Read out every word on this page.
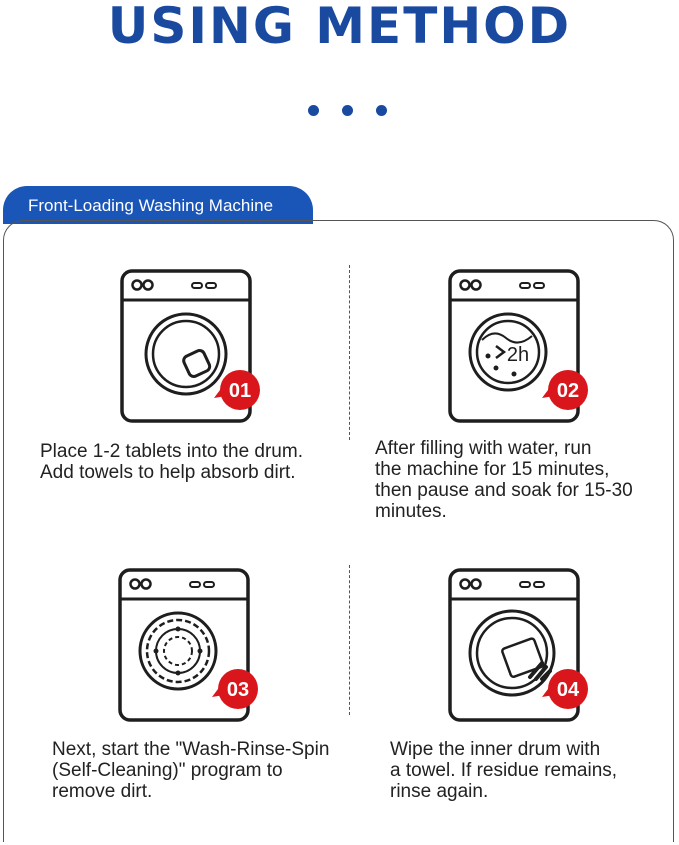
USING METHOD
Front-Loading Washing Machine
01
2h
02
03	04
Place 1-2 tablets into the drum.
Add towels to help absorb dirt.
After filling with water, run
the machine for 15 minutes,
then pause and soak for 15-30
minutes.
Next, start the "Wash-Rinse-Spin
(Self-Cleaning)" program to
remove dirt.
Wipe the inner drum with
a towel. If residue remains,
rinse again.
